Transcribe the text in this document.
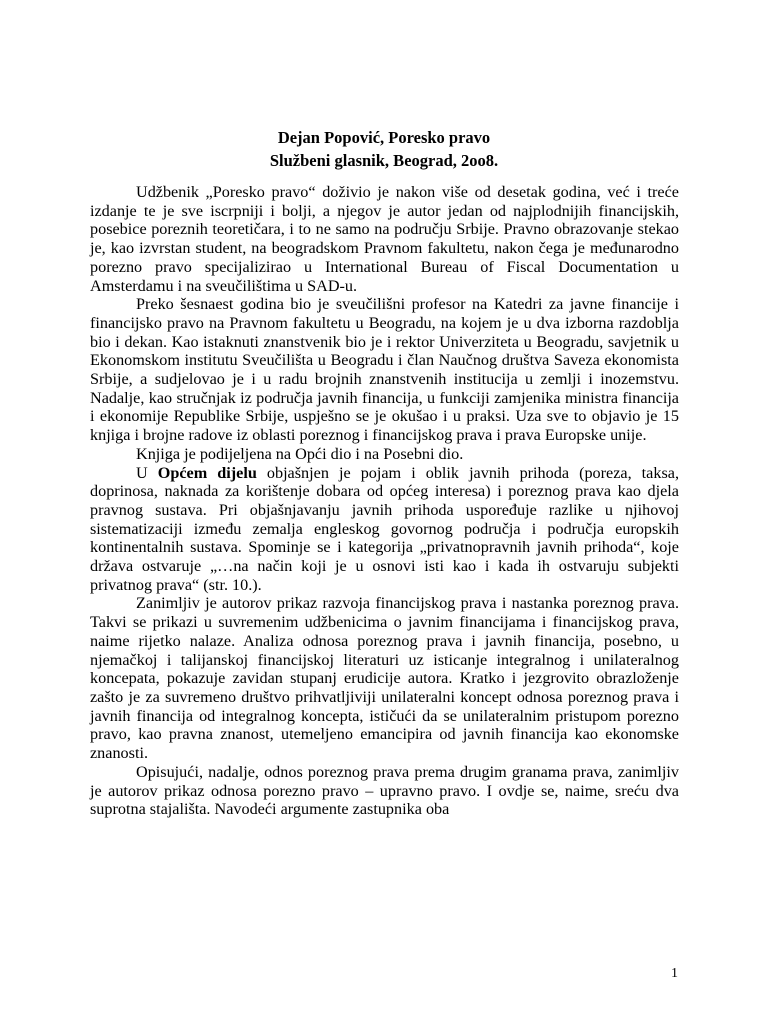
Dejan Popović, Poresko pravo
Službeni glasnik, Beograd, 2oo8.

Udžbenik „Poresko pravo“ doživio je nakon više od desetak godina, već i treće izdanje te je sve iscrpniji i bolji, a njegov je autor jedan od najplodnijih financijskih, posebice poreznih teoretičara, i to ne samo na području Srbije. Pravno obrazovanje stekao je, kao izvrstan student, na beogradskom Pravnom fakultetu, nakon čega je međunarodno porezno pravo specijalizirao u International Bureau of Fiscal Documentation u Amsterdamu i na sveučilištima u SAD-u.

Preko šesnaest godina bio je sveučilišni profesor na Katedri za javne financije i financijsko pravo na Pravnom fakultetu u Beogradu, na kojem je u dva izborna razdoblja bio i dekan. Kao istaknuti znanstvenik bio je i rektor Univerziteta u Beogradu, savjetnik u Ekonomskom institutu Sveučilišta u Beogradu i član Naučnog društva Saveza ekonomista Srbije, a sudjelovao je i u radu brojnih znanstvenih institucija u zemlji i inozemstvu. Nadalje, kao stručnjak iz područja javnih financija, u funkciji zamjenika ministra financija i ekonomije Republike Srbije, uspješno se je okušao i u praksi. Uza sve to objavio je 15 knjiga i brojne radove iz oblasti poreznog i financijskog prava i prava Europske unije.

Knjiga je podijeljena na Opći dio i na Posebni dio.

U Općem dijelu objašnjen je pojam i oblik javnih prihoda (poreza, taksa, doprinosa, naknada za korištenje dobara od općeg interesa) i poreznog prava kao djela pravnog sustava. Pri objašnjavanju javnih prihoda uspoređuje razlike u njihovoj sistematizaciji između zemalja engleskog govornog područja i područja europskih kontinentalnih sustava. Spominje se i kategorija „privatnopravnih javnih prihoda“, koje država ostvaruje „…na način koji je u osnovi isti kao i kada ih ostvaruju subjekti privatnog prava“ (str. 10.).

Zanimljiv je autorov prikaz razvoja financijskog prava i nastanka poreznog prava. Takvi se prikazi u suvremenim udžbenicima o javnim financijama i financijskog prava, naime rijetko nalaze. Analiza odnosa poreznog prava i javnih financija, posebno, u njemačkoj i talijanskoj financijskoj literaturi uz isticanje integralnog i unilateralnog koncepata, pokazuje zavidan stupanj erudicije autora. Kratko i jezgrovito obrazloženje zašto je za suvremeno društvo prihvatljiviji unilateralni koncept odnosa poreznog prava i javnih financija od integralnog koncepta, ističući da se unilateralnim pristupom porezno pravo, kao pravna znanost, utemeljeno emancipira od javnih financija kao ekonomske znanosti.

Opisujući, nadalje, odnos poreznog prava prema drugim granama prava, zanimljiv je autorov prikaz odnosa porezno pravo – upravno pravo. I ovdje se, naime, sreću dva suprotna stajališta. Navodeći argumente zastupnika oba

1
